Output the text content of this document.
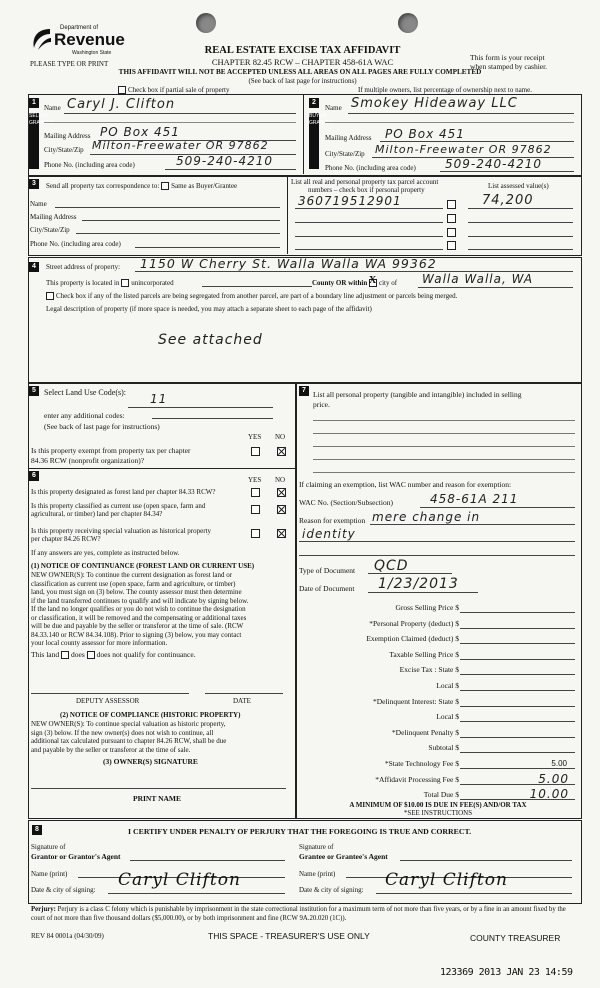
Department of
Revenue
Washington State
PLEASE TYPE OR PRINT
REAL ESTATE EXCISE TAX AFFIDAVIT
CHAPTER 82.45 RCW – CHAPTER 458-61A WAC
THIS AFFIDAVIT WILL NOT BE ACCEPTED UNLESS ALL AREAS ON ALL PAGES ARE FULLY COMPLETED
(See back of last page for instructions)
This form is your receipt
when stamped by cashier.
Check box if partial sale of property	If multiple owners, list percentage of ownership next to name.
1
SELLER GRANTOR
Name Caryl J. Clifton
Mailing Address PO Box 451
City/State/Zip Milton-Freewater OR 97862
Phone No. (including area code)	509-240-4210
2
BUYER GRANTEE
Name Smokey Hideaway LLC
Mailing Address PO Box 451
City/State/Zip Milton-Freewater OR 97862
Phone No. (including area code) 509-240-4210
3	Send all property tax correspondence to: Same as Buyer/Grantee
Name
Mailing Address
City/State/Zip
Phone No. (including area code)
List all real and personal property tax parcel account
numbers – check box if personal property	List assessed value(s)
360719512901	74,200
4	Street address of property: 1150 W Cherry St. Walla Walla WA 99362
This property is located in unincorporated	County OR within X city of Walla Walla, WA
Check box if any of the listed parcels are being segregated from another parcel, are part of a boundary line adjustment or parcels being merged.
Legal description of property (if more space is needed, you may attach a separate sheet to each page of the affidavit)
See attached
5	Select Land Use Code(s): 11
enter any additional codes:
(See back of last page for instructions)
YES NO
Is this property exempt from property tax per chapter
84.36 RCW (nonprofit organization)?
6
YES NO
Is this property designated as forest land per chapter 84.33 RCW?
Is this property classified as current use (open space, farm and
agricultural, or timber) land per chapter 84.34?
Is this property receiving special valuation as historical property
per chapter 84.26 RCW?
If any answers are yes, complete as instructed below.
(1) NOTICE OF CONTINUANCE (FOREST LAND OR CURRENT USE)
NEW OWNER(S): To continue the current designation as forest land or
classification as current use (open space, farm and agriculture, or timber)
land, you must sign on (3) below. The county assessor must then determine
if the land transferred continues to qualify and will indicate by signing below.
If the land no longer qualifies or you do not wish to continue the designation
or classification, it will be removed and the compensating or additional taxes
will be due and payable by the seller or transferor at the time of sale. (RCW
84.33.140 or RCW 84.34.108). Prior to signing (3) below, you may contact
your local county assessor for more information.
This land does does not qualify for continuance.
DEPUTY ASSESSOR	DATE
(2) NOTICE OF COMPLIANCE (HISTORIC PROPERTY)
NEW OWNER(S): To continue special valuation as historic property,
sign (3) below. If the new owner(s) does not wish to continue, all
additional tax calculated pursuant to chapter 84.26 RCW, shall be due
and payable by the seller or transferor at the time of sale.
(3) OWNER(S) SIGNATURE
PRINT NAME
7 List all personal property (tangible and intangible) included in selling
price.
If claiming an exemption, list WAC number and reason for exemption:
WAC No. (Section/Subsection)	458-61A 211
Reason for exemption mere change in
identity
Type of Document QCD
Date of Document 1/23/2013
Gross Selling Price $
*Personal Property (deduct) $
Exemption Claimed (deduct) $
Taxable Selling Price $
Excise Tax : State $
Local $
*Delinquent Interest: State $
Local $
*Delinquent Penalty $
Subtotal $
*State Technology Fee $	5.00
*Affidavit Processing Fee $	5.00
Total Due $	10.00
A MINIMUM OF $10.00 IS DUE IN FEE(S) AND/OR TAX
*SEE INSTRUCTIONS
8	I CERTIFY UNDER PENALTY OF PERJURY THAT THE FOREGOING IS TRUE AND CORRECT.
Signature of
Grantor or Grantor's Agent
Name (print)
Date & city of signing: Caryl Clifton
Signature of
Grantee or Grantee's Agent
Name (print)
Date & city of signing: Caryl Clifton
Perjury: Perjury is a class C felony which is punishable by imprisonment in the state correctional institution for a maximum term of not more than five years, or by a fine in an amount fixed by the court of not more than five thousand dollars ($5,000.00), or by both imprisonment and fine (RCW 9A.20.020 (1C)).
REV 84 0001a (04/30/09)	THIS SPACE - TREASURER'S USE ONLY	COUNTY TREASURER
123369 2013 JAN 23 14:59
